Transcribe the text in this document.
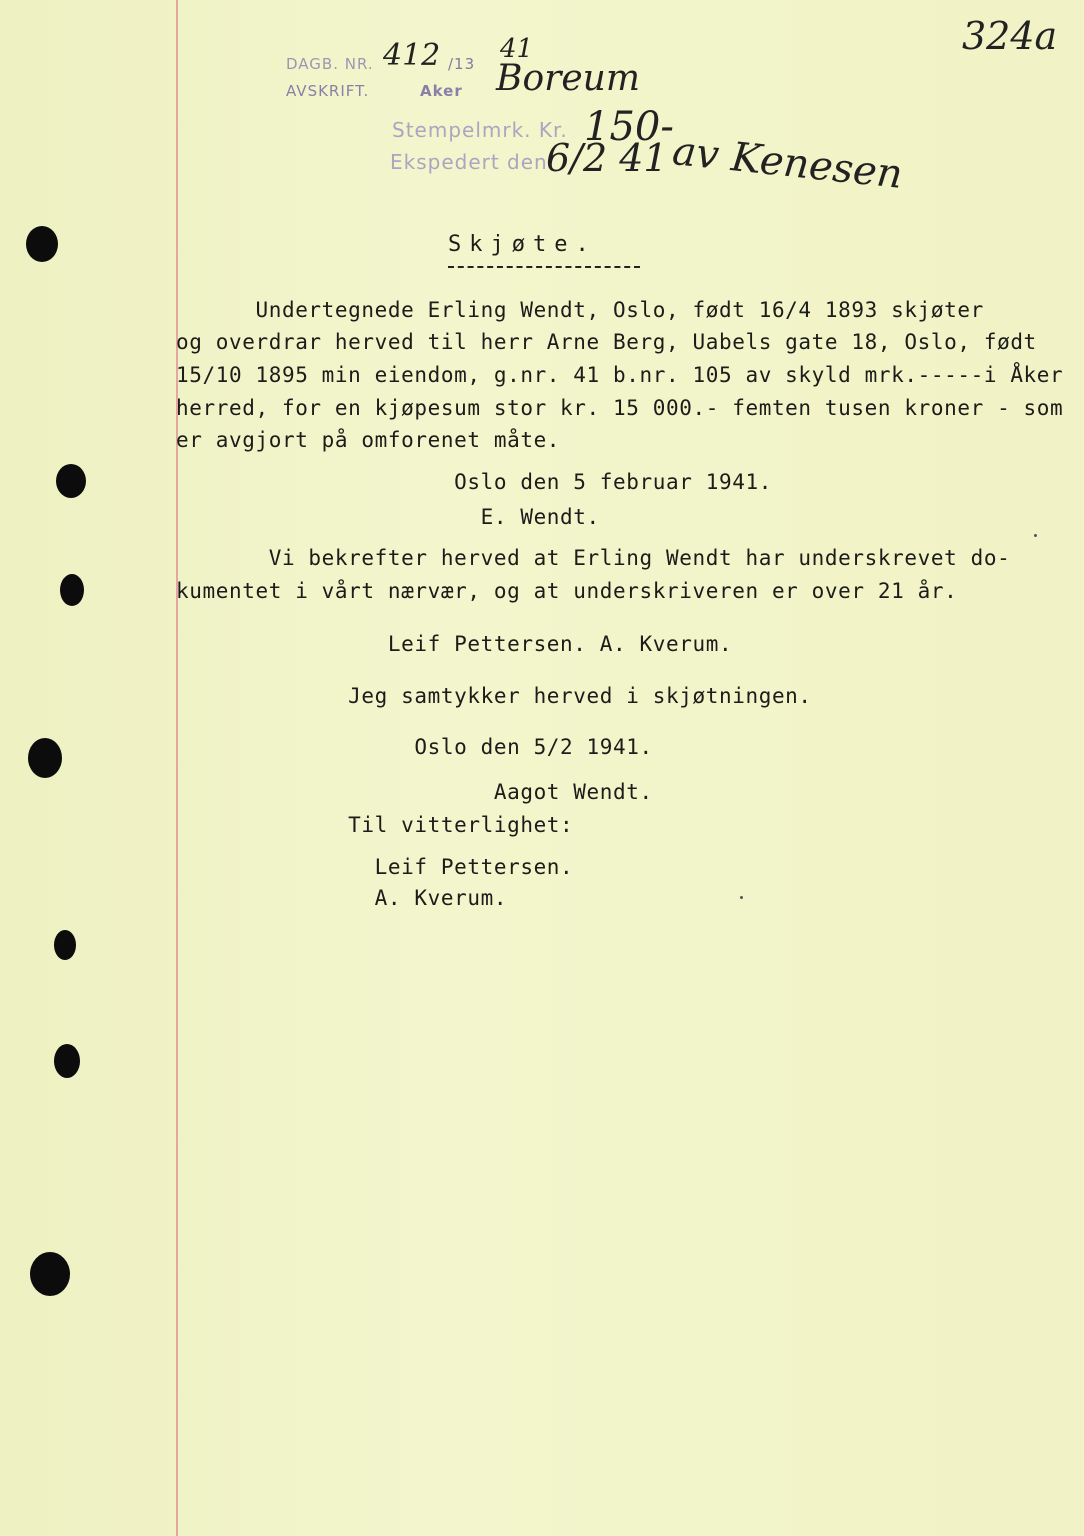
DAGB. NR. 412 /13 41
AVSKRIFT.	Aker Boreum
Stempelmrk. Kr. 150-
Ekspedert den
6/2 41 av Kenesen
324a
Skjøte.
Undertegnede Erling Wendt, Oslo, født 16/4 1893 skjøter
og overdrar herved til herr Arne Berg, Uabels gate 18, Oslo, født
15/10 1895 min eiendom, g.nr. 41 b.nr. 105 av skyld mrk.-----i Åker
herred, for en kjøpesum stor kr. 15 000.- femten tusen kroner - som
er avgjort på omforenet måte.
Oslo den 5 februar 1941.
E. Wendt.
Vi bekrefter herved at Erling Wendt har underskrevet do-
kumentet i vårt nærvær, og at underskriveren er over 21 år.
Leif Pettersen. A. Kverum.
Jeg samtykker herved i skjøtningen.
Oslo den 5/2 1941.
Aagot Wendt.
Til vitterlighet:
Leif Pettersen.
A. Kverum.
